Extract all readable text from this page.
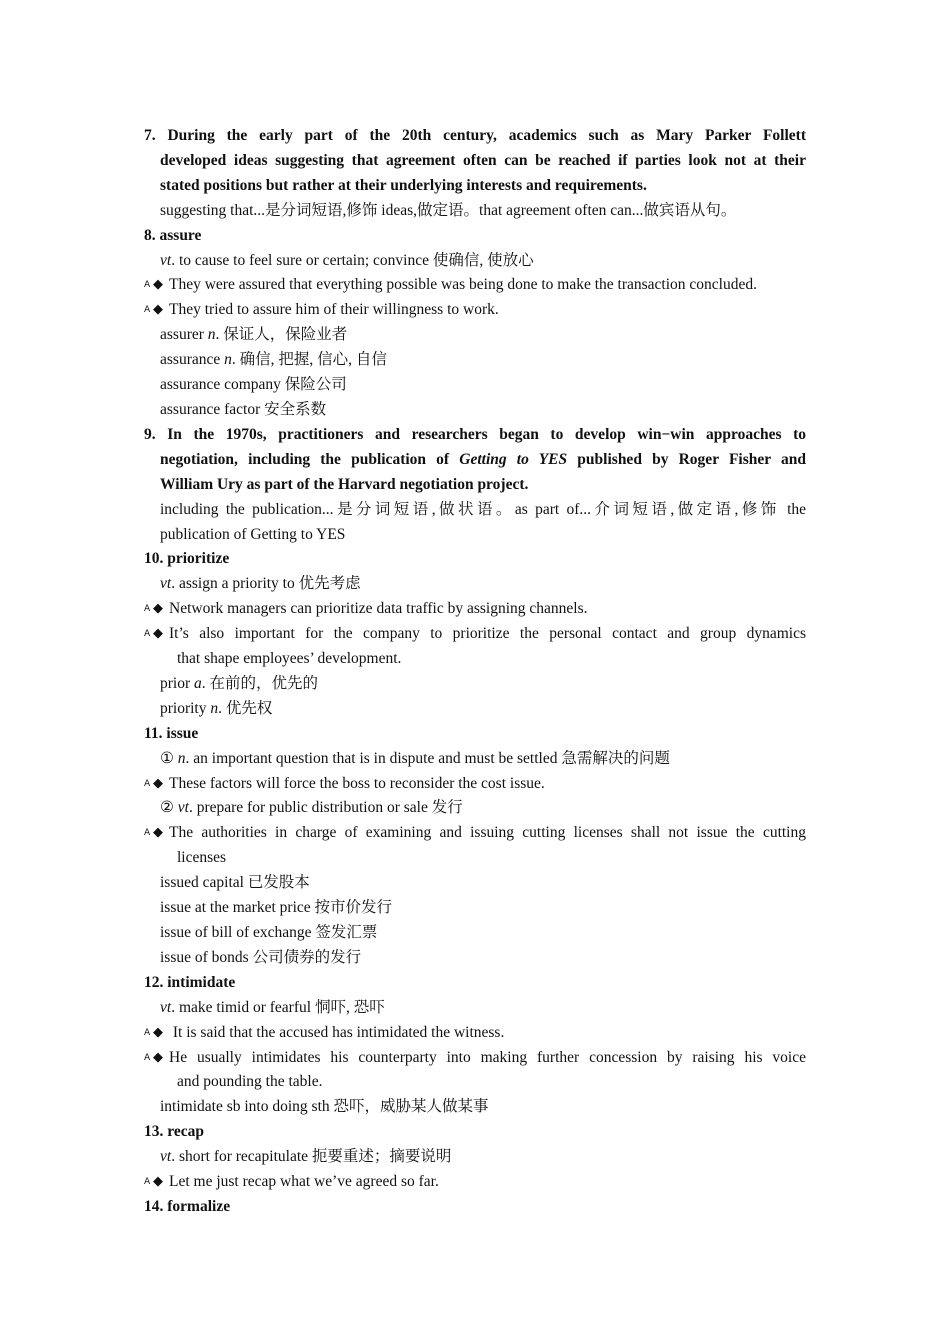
7. During the early part of the 20th century, academics such as Mary Parker Follett
developed ideas suggesting that agreement often can be reached if parties look not at their
stated positions but rather at their underlying interests and requirements.
suggesting that...是分词短语,修饰 ideas,做定语。that agreement often can...做宾语从句。
8. assure
vt. to cause to feel sure or certain; convince 使确信, 使放心
A ◆ They were assured that everything possible was being done to make the transaction concluded.
A ◆ They tried to assure him of their willingness to work.
assurer n. 保证人，保险业者
assurance n. 确信, 把握, 信心, 自信
assurance company 保险公司
assurance factor 安全系数
9. In the 1970s, practitioners and researchers began to develop win−win approaches to
negotiation, including the publication of Getting to YES published by Roger Fisher and
William Ury as part of the Harvard negotiation project.
including the publication...是分词短语,做状语。as part of...介词短语,做定语,修饰 the
publication of Getting to YES
10. prioritize
vt. assign a priority to 优先考虑
A ◆ Network managers can prioritize data traffic by assigning channels.
A ◆ It’s also important for the company to prioritize the personal contact and group dynamics
that shape employees’ development.
prior a. 在前的，优先的
priority n. 优先权
11. issue
① n. an important question that is in dispute and must be settled 急需解决的问题
A ◆ These factors will force the boss to reconsider the cost issue.
② vt. prepare for public distribution or sale 发行
A ◆ The authorities in charge of examining and issuing cutting licenses shall not issue the cutting
licenses
issued capital 已发股本
issue at the market price 按市价发行
issue of bill of exchange 签发汇票
issue of bonds 公司债券的发行
12. intimidate
vt. make timid or fearful 恫吓, 恐吓
A ◆ It is said that the accused has intimidated the witness.
A ◆ He usually intimidates his counterparty into making further concession by raising his voice
and pounding the table.
intimidate sb into doing sth 恐吓，威胁某人做某事
13. recap
vt. short for recapitulate 扼要重述；摘要说明
A ◆ Let me just recap what we’ve agreed so far.
14. formalize
